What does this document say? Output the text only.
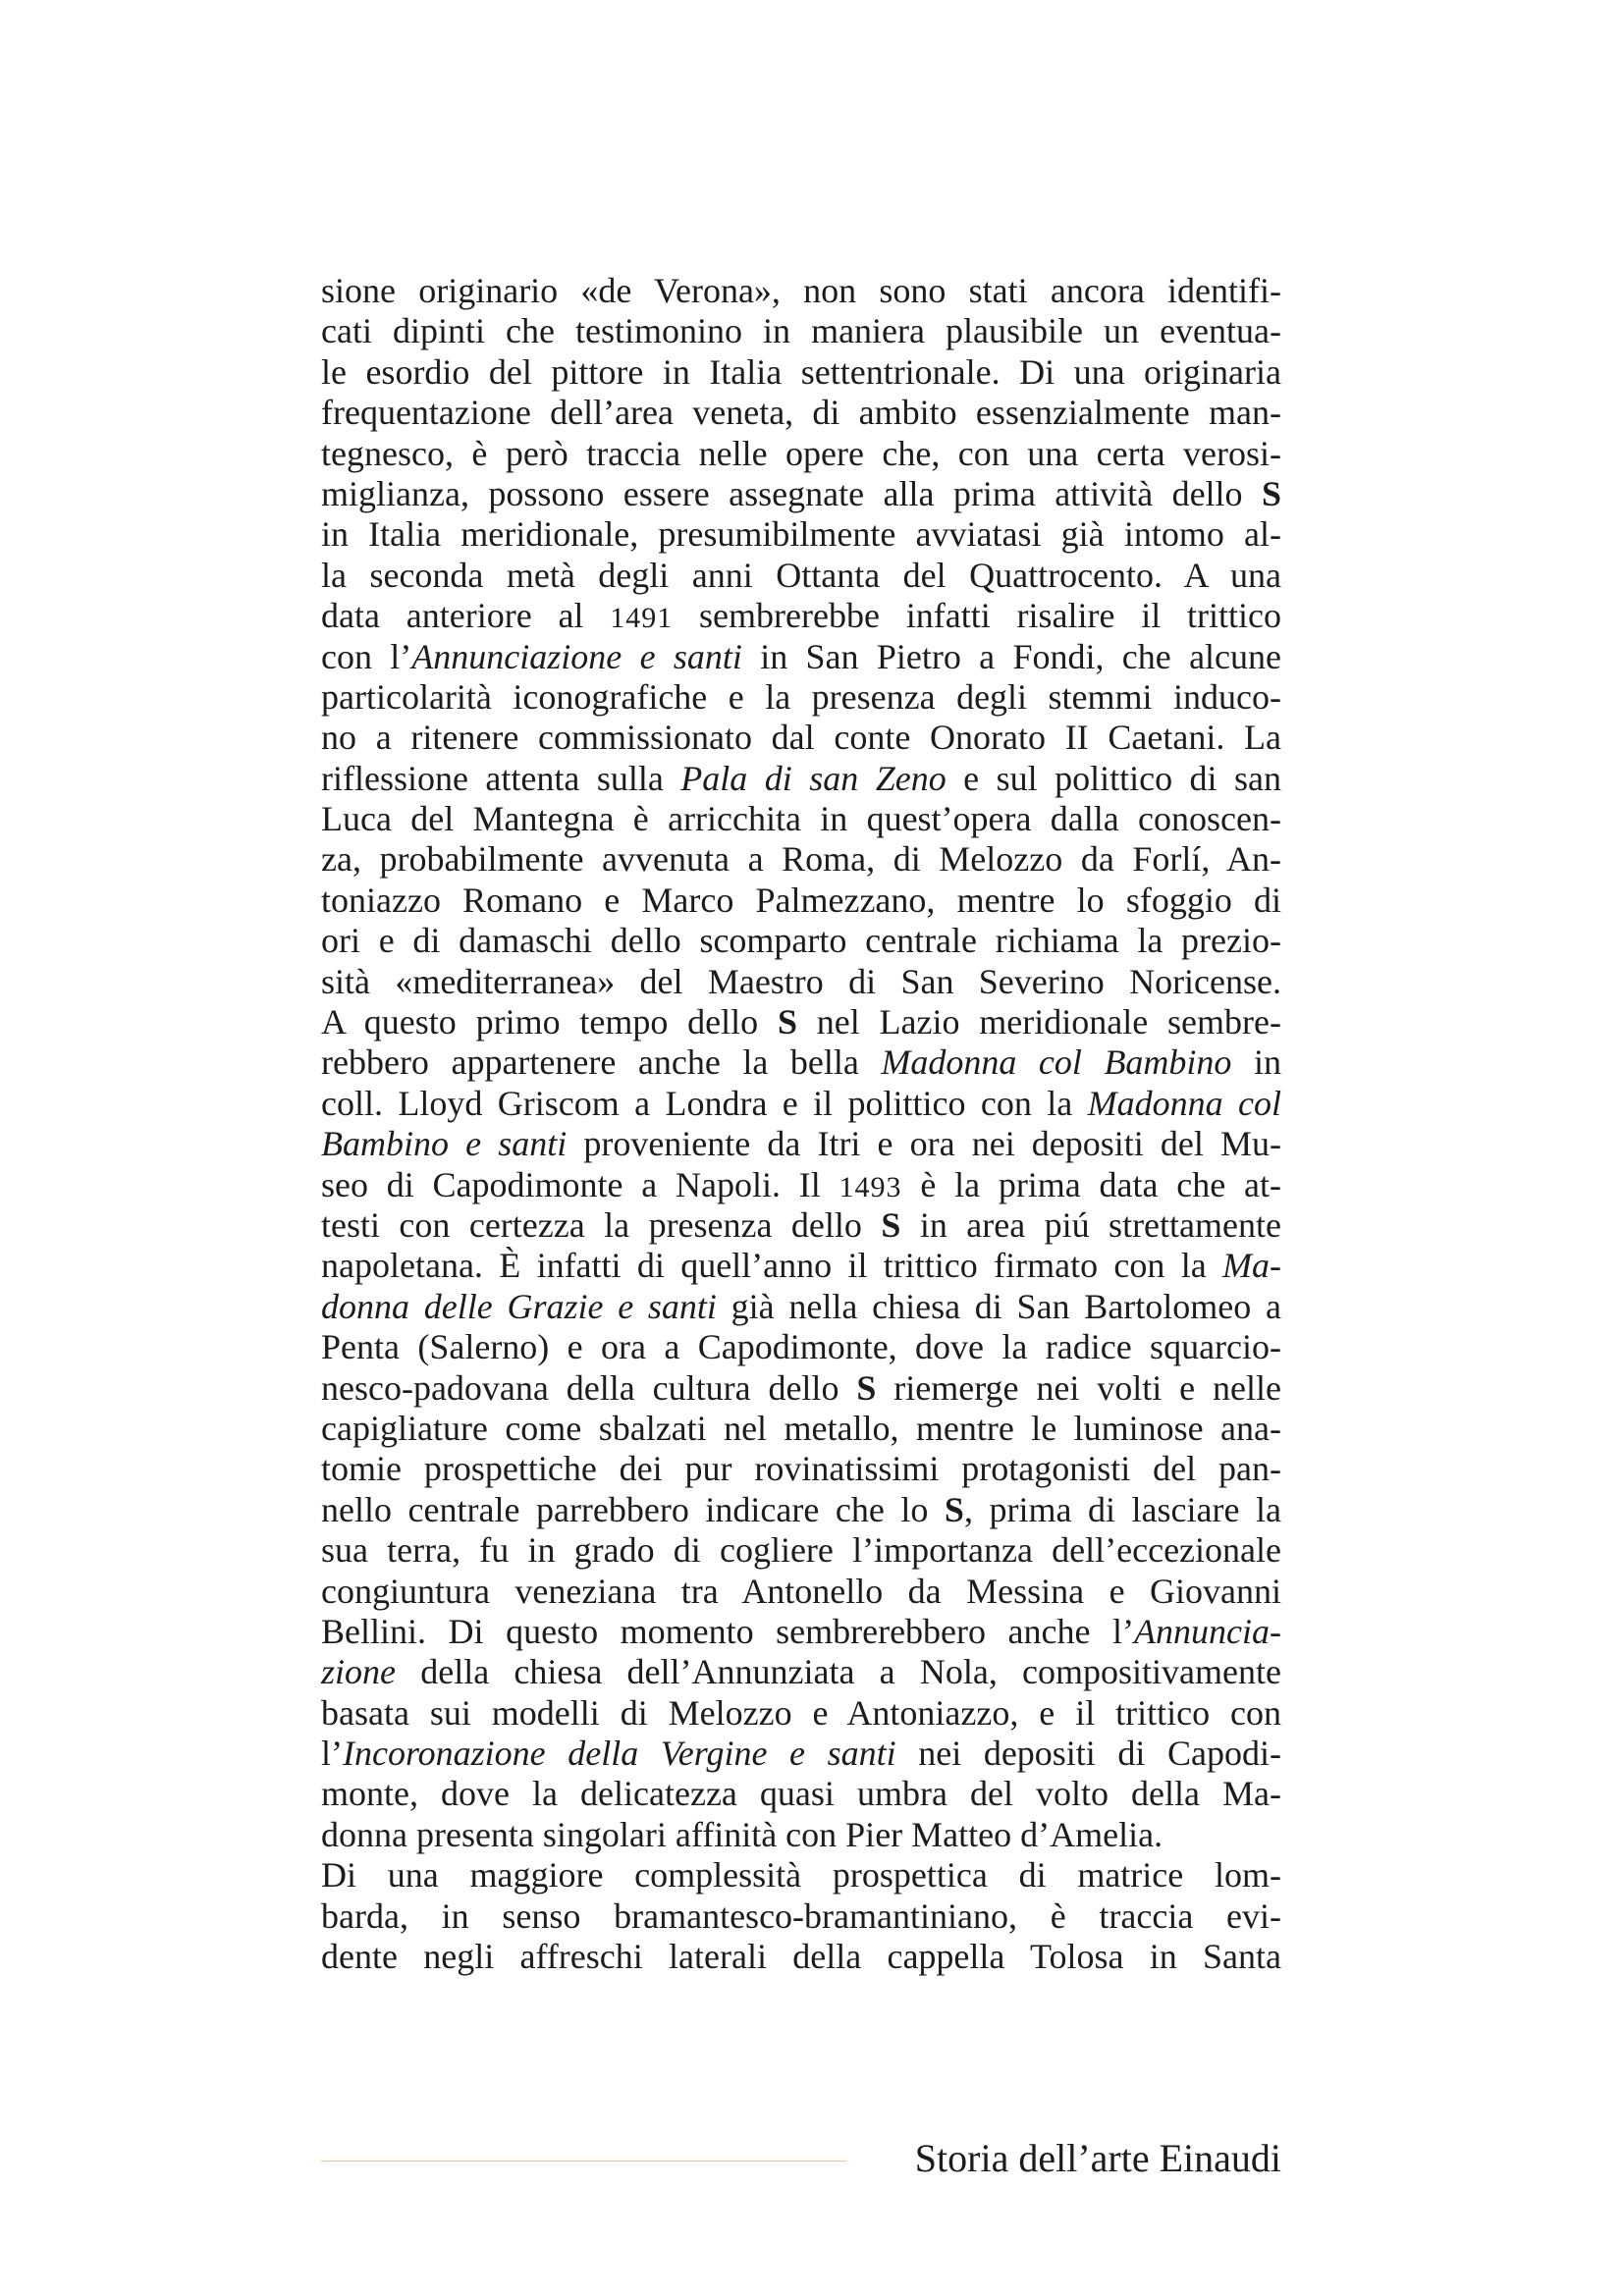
sione originario «de Verona», non sono stati ancora identifi-
cati dipinti che testimonino in maniera plausibile un eventua-
le esordio del pittore in Italia settentrionale. Di una originaria
frequentazione dell’area veneta, di ambito essenzialmente man-
tegnesco, è però traccia nelle opere che, con una certa verosi-
miglianza, possono essere assegnate alla prima attività dello S
in Italia meridionale, presumibilmente avviatasi già intomo al-
la seconda metà degli anni Ottanta del Quattrocento. A una
data anteriore al 1491 sembrerebbe infatti risalire il trittico
con l’Annunciazione e santi in San Pietro a Fondi, che alcune
particolarità iconografiche e la presenza degli stemmi induco-
no a ritenere commissionato dal conte Onorato II Caetani. La
riflessione attenta sulla Pala di san Zeno e sul polittico di san
Luca del Mantegna è arricchita in quest’opera dalla conoscen-
za, probabilmente avvenuta a Roma, di Melozzo da Forlí, An-
toniazzo Romano e Marco Palmezzano, mentre lo sfoggio di
ori e di damaschi dello scomparto centrale richiama la prezio-
sità «mediterranea» del Maestro di San Severino Noricense.
A questo primo tempo dello S nel Lazio meridionale sembre-
rebbero appartenere anche la bella Madonna col Bambino in
coll. Lloyd Griscom a Londra e il polittico con la Madonna col
Bambino e santi proveniente da Itri e ora nei depositi del Mu-
seo di Capodimonte a Napoli. Il 1493 è la prima data che at-
testi con certezza la presenza dello S in area piú strettamente
napoletana. È infatti di quell’anno il trittico firmato con la Ma-
donna delle Grazie e santi già nella chiesa di San Bartolomeo a
Penta (Salerno) e ora a Capodimonte, dove la radice squarcio-
nesco-padovana della cultura dello S riemerge nei volti e nelle
capigliature come sbalzati nel metallo, mentre le luminose ana-
tomie prospettiche dei pur rovinatissimi protagonisti del pan-
nello centrale parrebbero indicare che lo S, prima di lasciare la
sua terra, fu in grado di cogliere l’importanza dell’eccezionale
congiuntura veneziana tra Antonello da Messina e Giovanni
Bellini. Di questo momento sembrerebbero anche l’Annuncia-
zione della chiesa dell’Annunziata a Nola, compositivamente
basata sui modelli di Melozzo e Antoniazzo, e il trittico con
l’Incoronazione della Vergine e santi nei depositi di Capodi-
monte, dove la delicatezza quasi umbra del volto della Ma-
donna presenta singolari affinità con Pier Matteo d’Amelia.
Di una maggiore complessità prospettica di matrice lom-
barda, in senso bramantesco-bramantiniano, è traccia evi-
dente negli affreschi laterali della cappella Tolosa in Santa
Storia dell’arte Einaudi
